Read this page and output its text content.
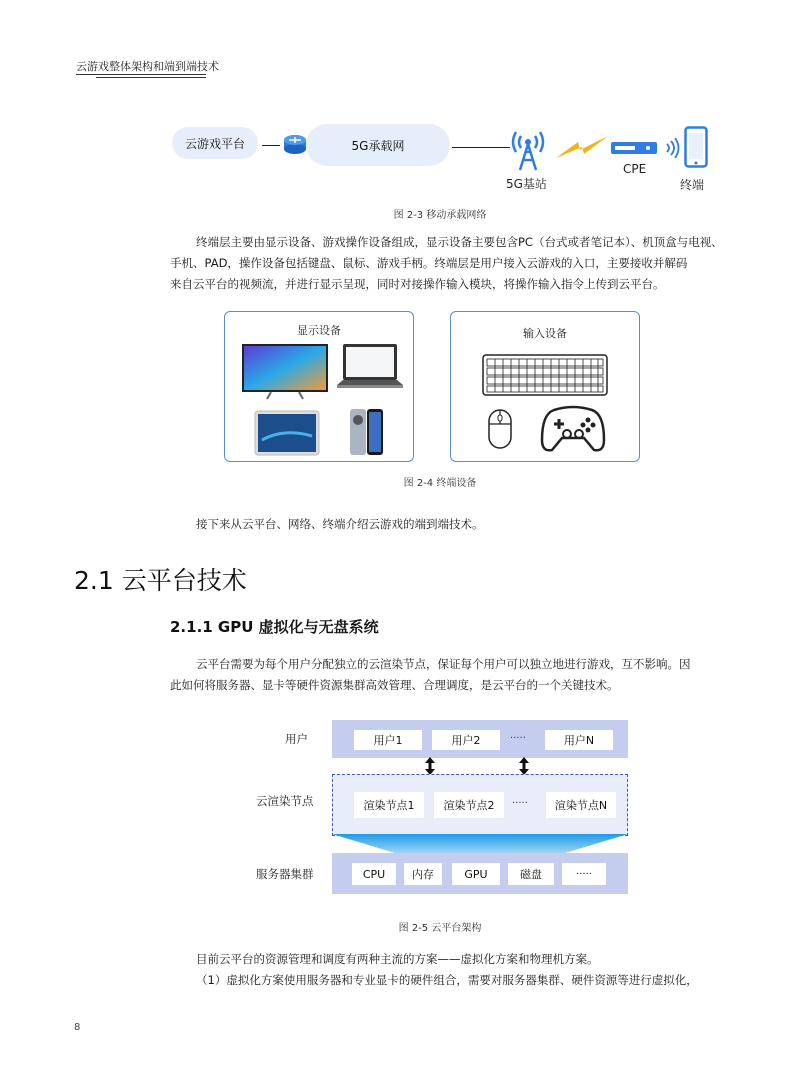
云游戏整体架构和端到端技术
云游戏平台	5G承载网
5G基站
CPE
终端
图 2-3 移动承载网络
终端层主要由显示设备、游戏操作设备组成，显示设备主要包含PC（台式或者笔记本）、机顶盒与电视、
手机、PAD，操作设备包括键盘、鼠标、游戏手柄。终端层是用户接入云游戏的入口，主要接收并解码
来自云平台的视频流，并进行显示呈现，同时对接操作输入模块，将操作输入指令上传到云平台。
显示设备	输入设备
图 2-4 终端设备
接下来从云平台、网络、终端介绍云游戏的端到端技术。
2.1 云平台技术
2.1.1 GPU 虚拟化与无盘系统
云平台需要为每个用户分配独立的云渲染节点，保证每个用户可以独立地进行游戏，互不影响。因
此如何将服务器、显卡等硬件资源集群高效管理、合理调度，是云平台的一个关键技术。
用户	用户1	用户2	·····	用户N
云渲染节点	渲染节点1	渲染节点2	·····	渲染节点N
服务器集群	CPU	内存	GPU	磁盘	·····
图 2-5 云平台架构
目前云平台的资源管理和调度有两种主流的方案——虚拟化方案和物理机方案。
（1）虚拟化方案使用服务器和专业显卡的硬件组合，需要对服务器集群、硬件资源等进行虚拟化，
8
